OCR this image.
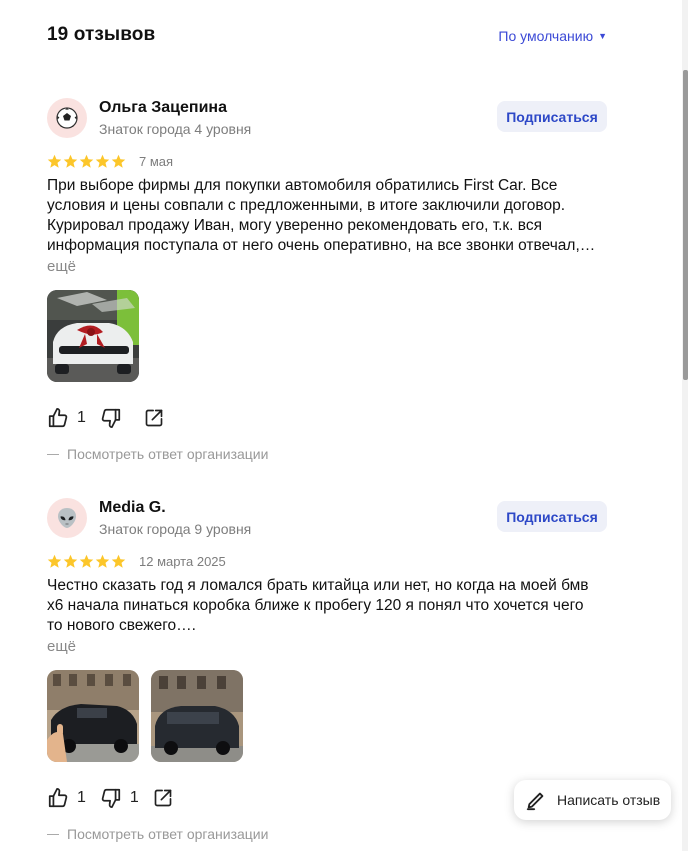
19 отзывов	По умолчанию ▼
Ольга Зацепина
Знаток города 4 уровня
Подписаться
7 мая
При выборе фирмы для покупки автомобиля обратились First Car. Все
условия и цены совпали с предложенными, в итоге заключили договор.
Курировал продажу Иван, могу уверенно рекомендовать его, т.к. вся
информация поступала от него очень оперативно, на все звонки отвечал,…
ещё
1
Посмотреть ответ организации
Media G.
Знаток города 9 уровня
Подписаться
12 марта 2025
Честно сказать год я ломался брать китайца или нет, но когда на моей бмв
х6 начала пинаться коробка ближе к пробегу 120 я понял что хочется чего
то нового свежего….
ещё
1	1
Посмотреть ответ организации
Написать отзыв
